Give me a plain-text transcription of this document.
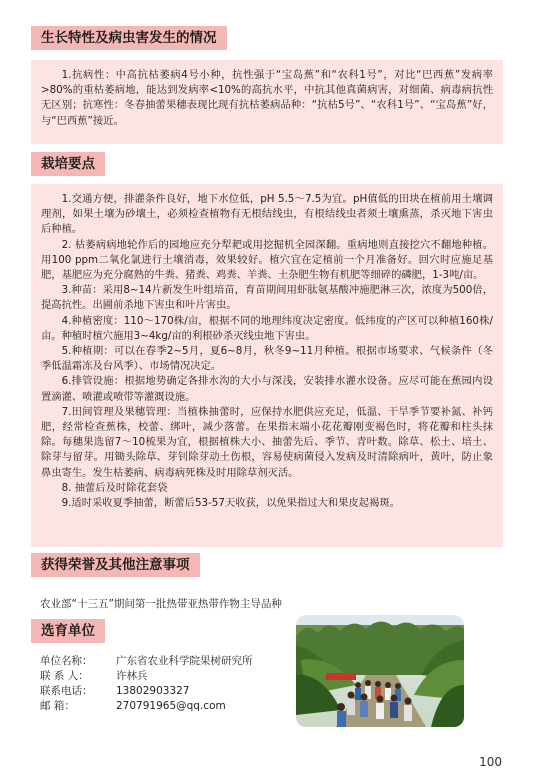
生长特性及病虫害发生的情况

1.抗病性：中高抗枯萎病4号小种，抗性强于“宝岛蕉”和“农科1号”，对比“巴西蕉”发病率>80%的重枯萎病地，能达到发病率<10%的高抗水平，中抗其他真菌病害，对细菌、病毒病抗性无区别；抗寒性：冬春抽蕾果穗表现比现有抗枯萎病品种：“抗枯5号”、“农科1号”、“宝岛蕉”好，与“巴西蕉”接近。

栽培要点

1.交通方便，排灌条件良好，地下水位低，pH 5.5～7.5为宜。pH值低的田块在植前用土壤调理剂，如果土壤为砂壤土，必须检查植物有无根结线虫，有根结线虫者须土壤熏蒸，杀灭地下害虫后种植。

2. 枯萎病病地轮作后的园地应充分犁耙或用挖掘机全园深翻。重病地则直接挖穴不翻地种植。用100 ppm二氧化氯进行土壤消毒，效果较好。植穴宜在定植前一个月准备好。回穴时应施足基肥，基肥应为充分腐熟的牛粪、猪粪、鸡粪、羊粪、土杂肥生物有机肥等细碎的磷肥，1-3吨/亩。

3.种苗：采用8~14片新发生叶组培苗，育苗期间用虾肽氨基酸冲施肥淋三次，浓度为500倍，提高抗性。出圃前杀地下害虫和叶片害虫。

4.种植密度：110～170株/亩，根据不同的地理纬度决定密度。低纬度的产区可以种植160株/亩。种植时植穴施用3~4kg/亩的利根砂杀灭线虫地下害虫。

5.种植期：可以在春季2~5月，夏6~8月，秋冬9~11月种植。根据市场要求、气候条件（冬季低温霜冻及台风季）、市场情况决定。

6.排管设施：根据地势确定各排水沟的大小与深浅，安装排水灌水设备。应尽可能在蕉园内设置滴灌、喷灌或喷带等灌溉设施。

7.田间管理及果穗管理：当植株抽蕾时，应保持水肥供应充足，低温、干旱季节要补氮、补钙肥，经常检查蕉株，校蕾、绑叶，减少落蕾。在果指末端小花花瓣刚变褐色时，将花瓣和柱头抹除。每穗果选留7～10梳果为宜，根据植株大小、抽蕾先后、季节、青叶数。除草、松土、培土、除芽与留芽。用锄头除草、芽钊除芽动土伤根，容易使病菌侵入发病及时清除病叶，黄叶，防止象鼻虫寄生。发生枯萎病、病毒病死株及时用除草剂灭活。

8. 抽蕾后及时除花套袋

9.适时采收夏季抽蕾，断蕾后53-57天收获，以免果指过大和果皮起褐斑。

获得荣誉及其他注意事项
农业部“十三五”期间第一批热带亚热带作物主导品种
选育单位
单位名称： 广东省农业科学院果树研究所
联 系 人：	许林兵
联系电话： 13802903327
邮 箱：	270791965@qq.com
100
